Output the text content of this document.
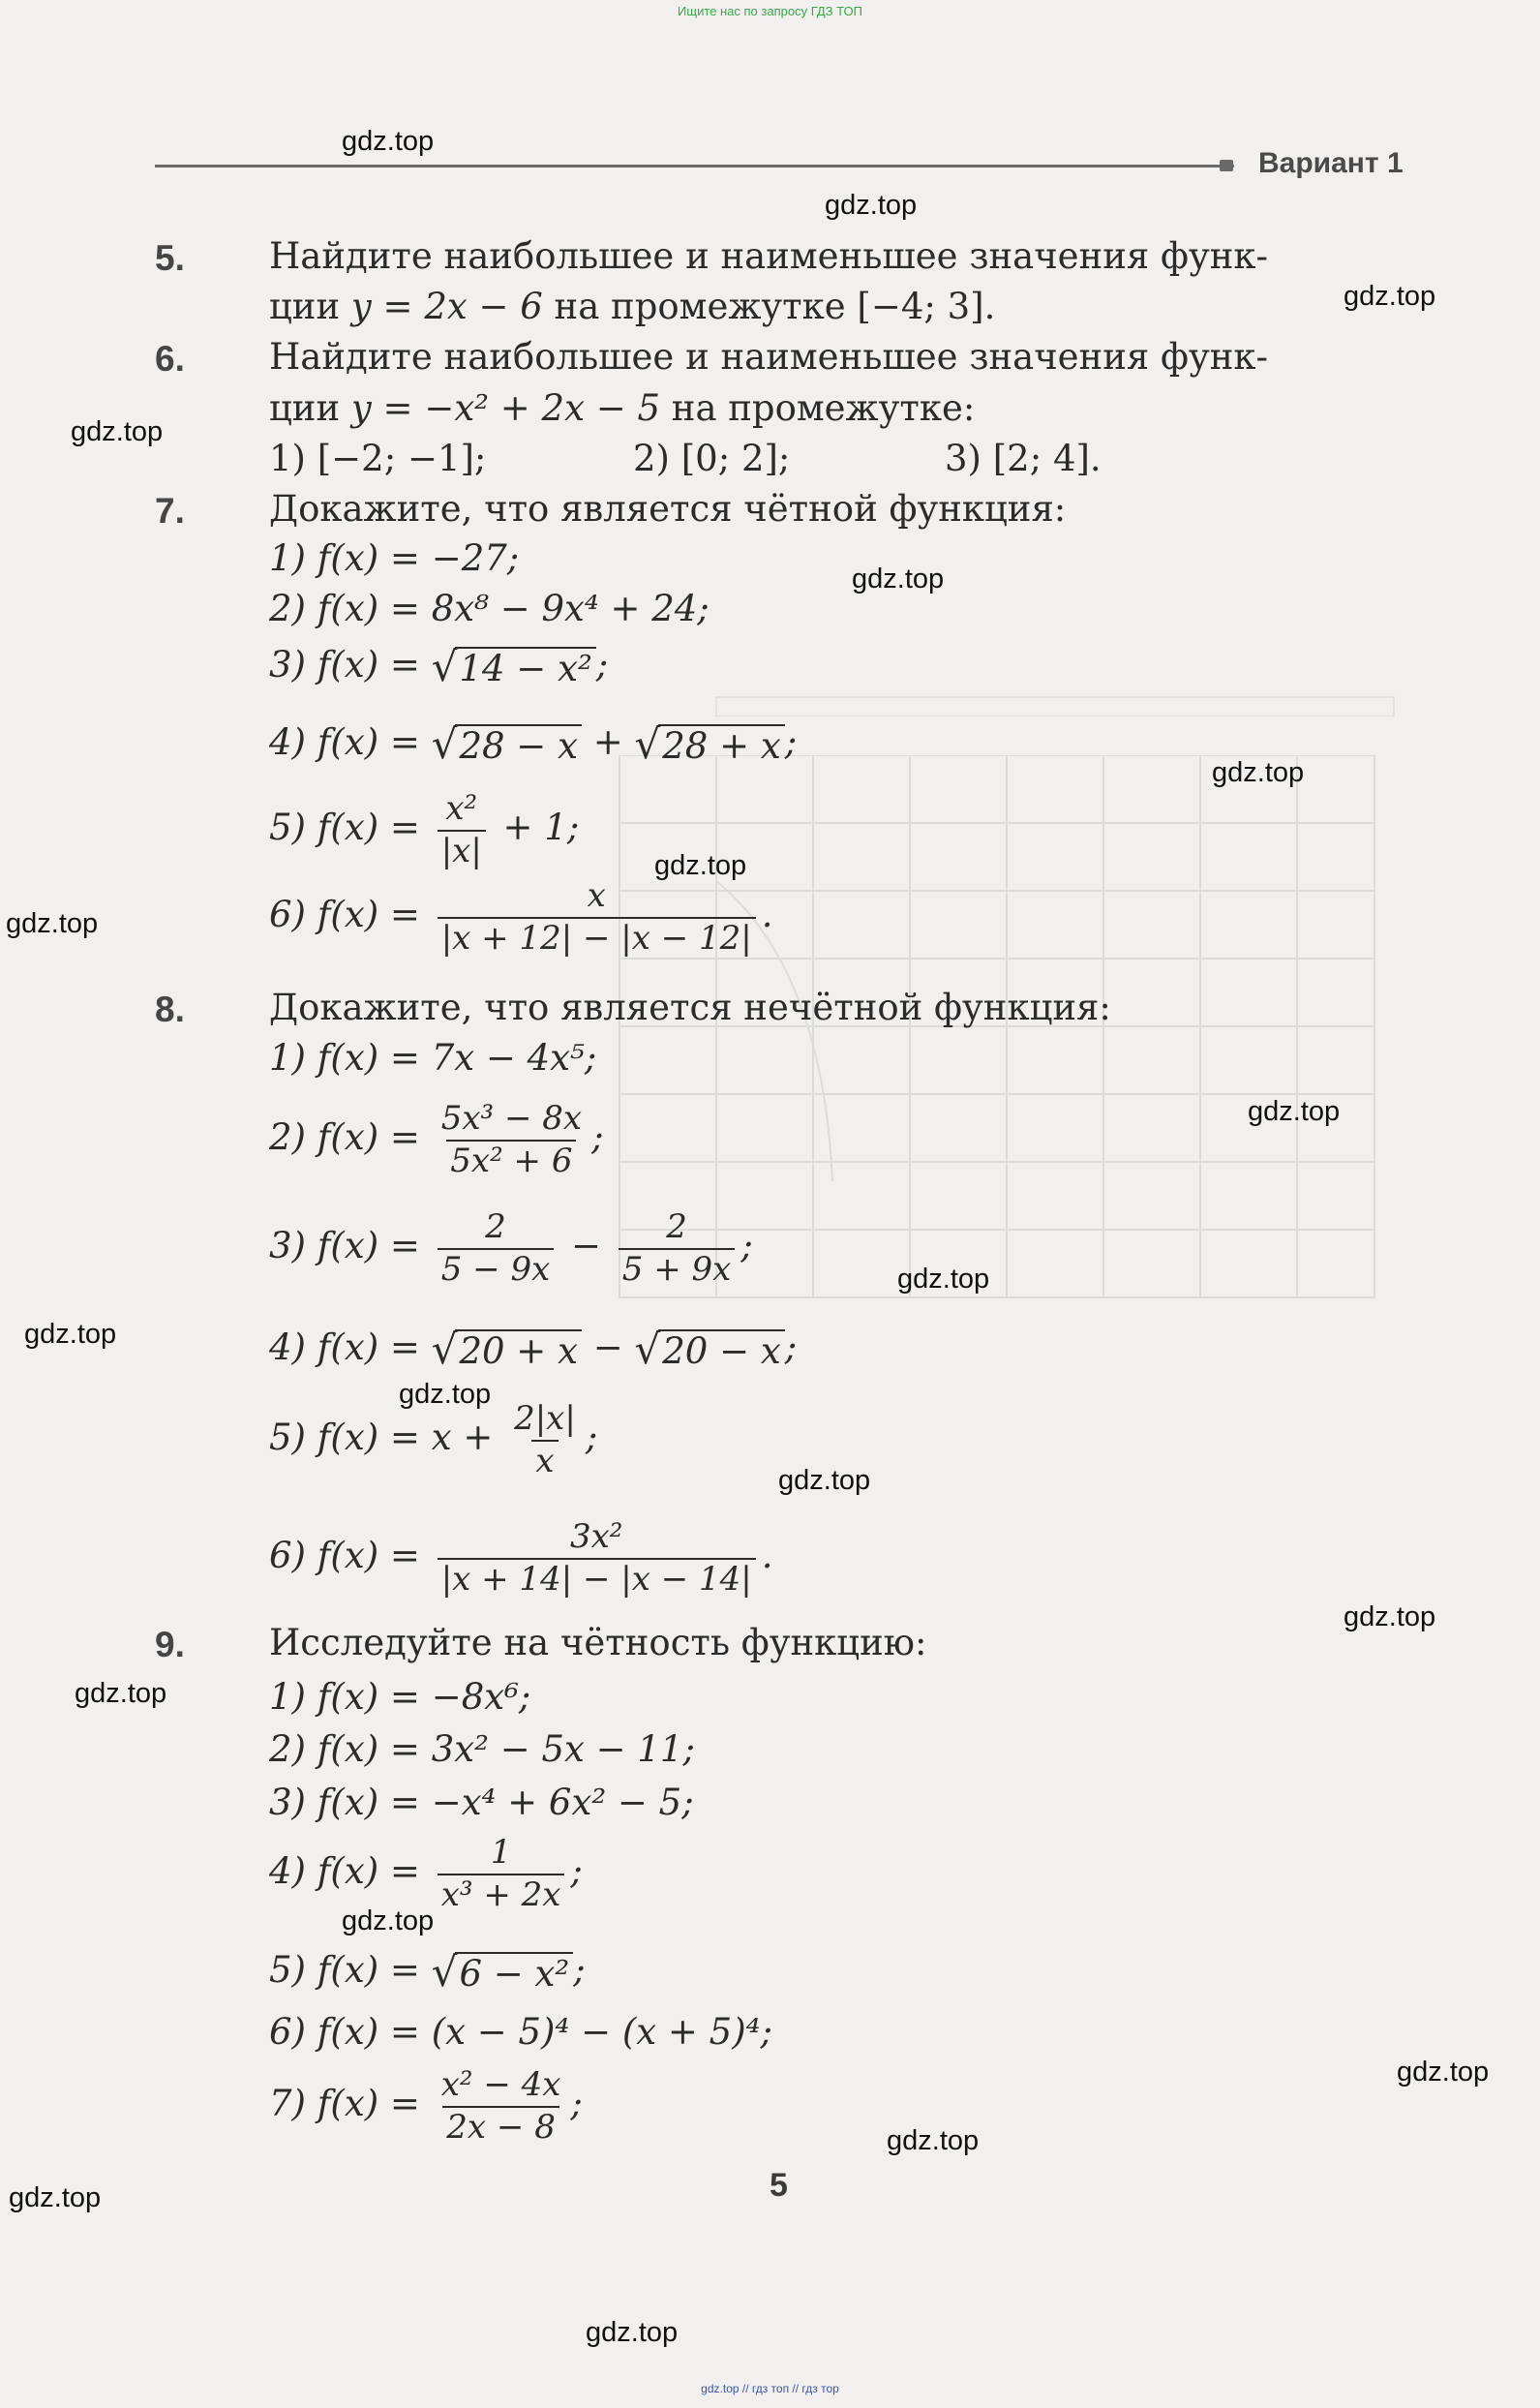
Ищите нас по запросу ГДЗ ТОП
Вариант 1
gdz.top
gdz.top
gdz.top
gdz.top
gdz.top
gdz.top
gdz.top
gdz.top
gdz.top
gdz.top
gdz.top
gdz.top
gdz.top
gdz.top
gdz.top
gdz.top
gdz.top
gdz.top
gdz.top
gdz.top
5. Найдите наибольшее и наименьшее значения функ-
ции y = 2x − 6 на промежутке [−4; 3].
6. Найдите наибольшее и наименьшее значения функ-
ции y = −x² + 2x − 5 на промежутке:
1) [−2; −1];	2) [0; 2];	3) [2; 4].
7. Докажите, что является чётной функция:
1) f(x) = −27;
2) f(x) = 8x⁸ − 9x⁴ + 24;
3) f(x) = √ 14 − x² ;
4) f(x) = √ 28 − x + √ 28 + x ;
5) $f(x) = \frac{\text{x²}}{|x|} + 1$;
6) $f(x) = \frac{x}{|x + 12| - |x - 12|}$ .
8. Докажите, что является нечётной функция:
1) f(x) = 7x − 4x⁵;
2) $f(x) = \frac{\text{5x³ − 8x}}{\text{5x² + 6}}$ ;
3) $f(x) = \frac{2}{5 - 9x} - \frac{2}{5 + 9x}$ ;
4) f(x) = √ 20 + x − √ 20 − x ;
5) $f(x) = x + \frac{2|x|}{x}$ ;
6) $f(x) = \frac{\text{3x²}}{|x + 14| - |x - 14|}$ .
9. Исследуйте на чётность функцию:
1) f(x) = −8x⁶;
2) f(x) = 3x² − 5x − 11;
3) f(x) = −x⁴ + 6x² − 5;
4) $f(x) = \frac{1}{\text{x³ + 2x}}$ ;
5) f(x) = √ 6 − x² ;
6) f(x) = (x − 5)⁴ − (x + 5)⁴;
7) $f(x) = \frac{\text{x² − 4x}}{2x - 8}$ ;
5
gdz.top // гдз топ // гдз тор
